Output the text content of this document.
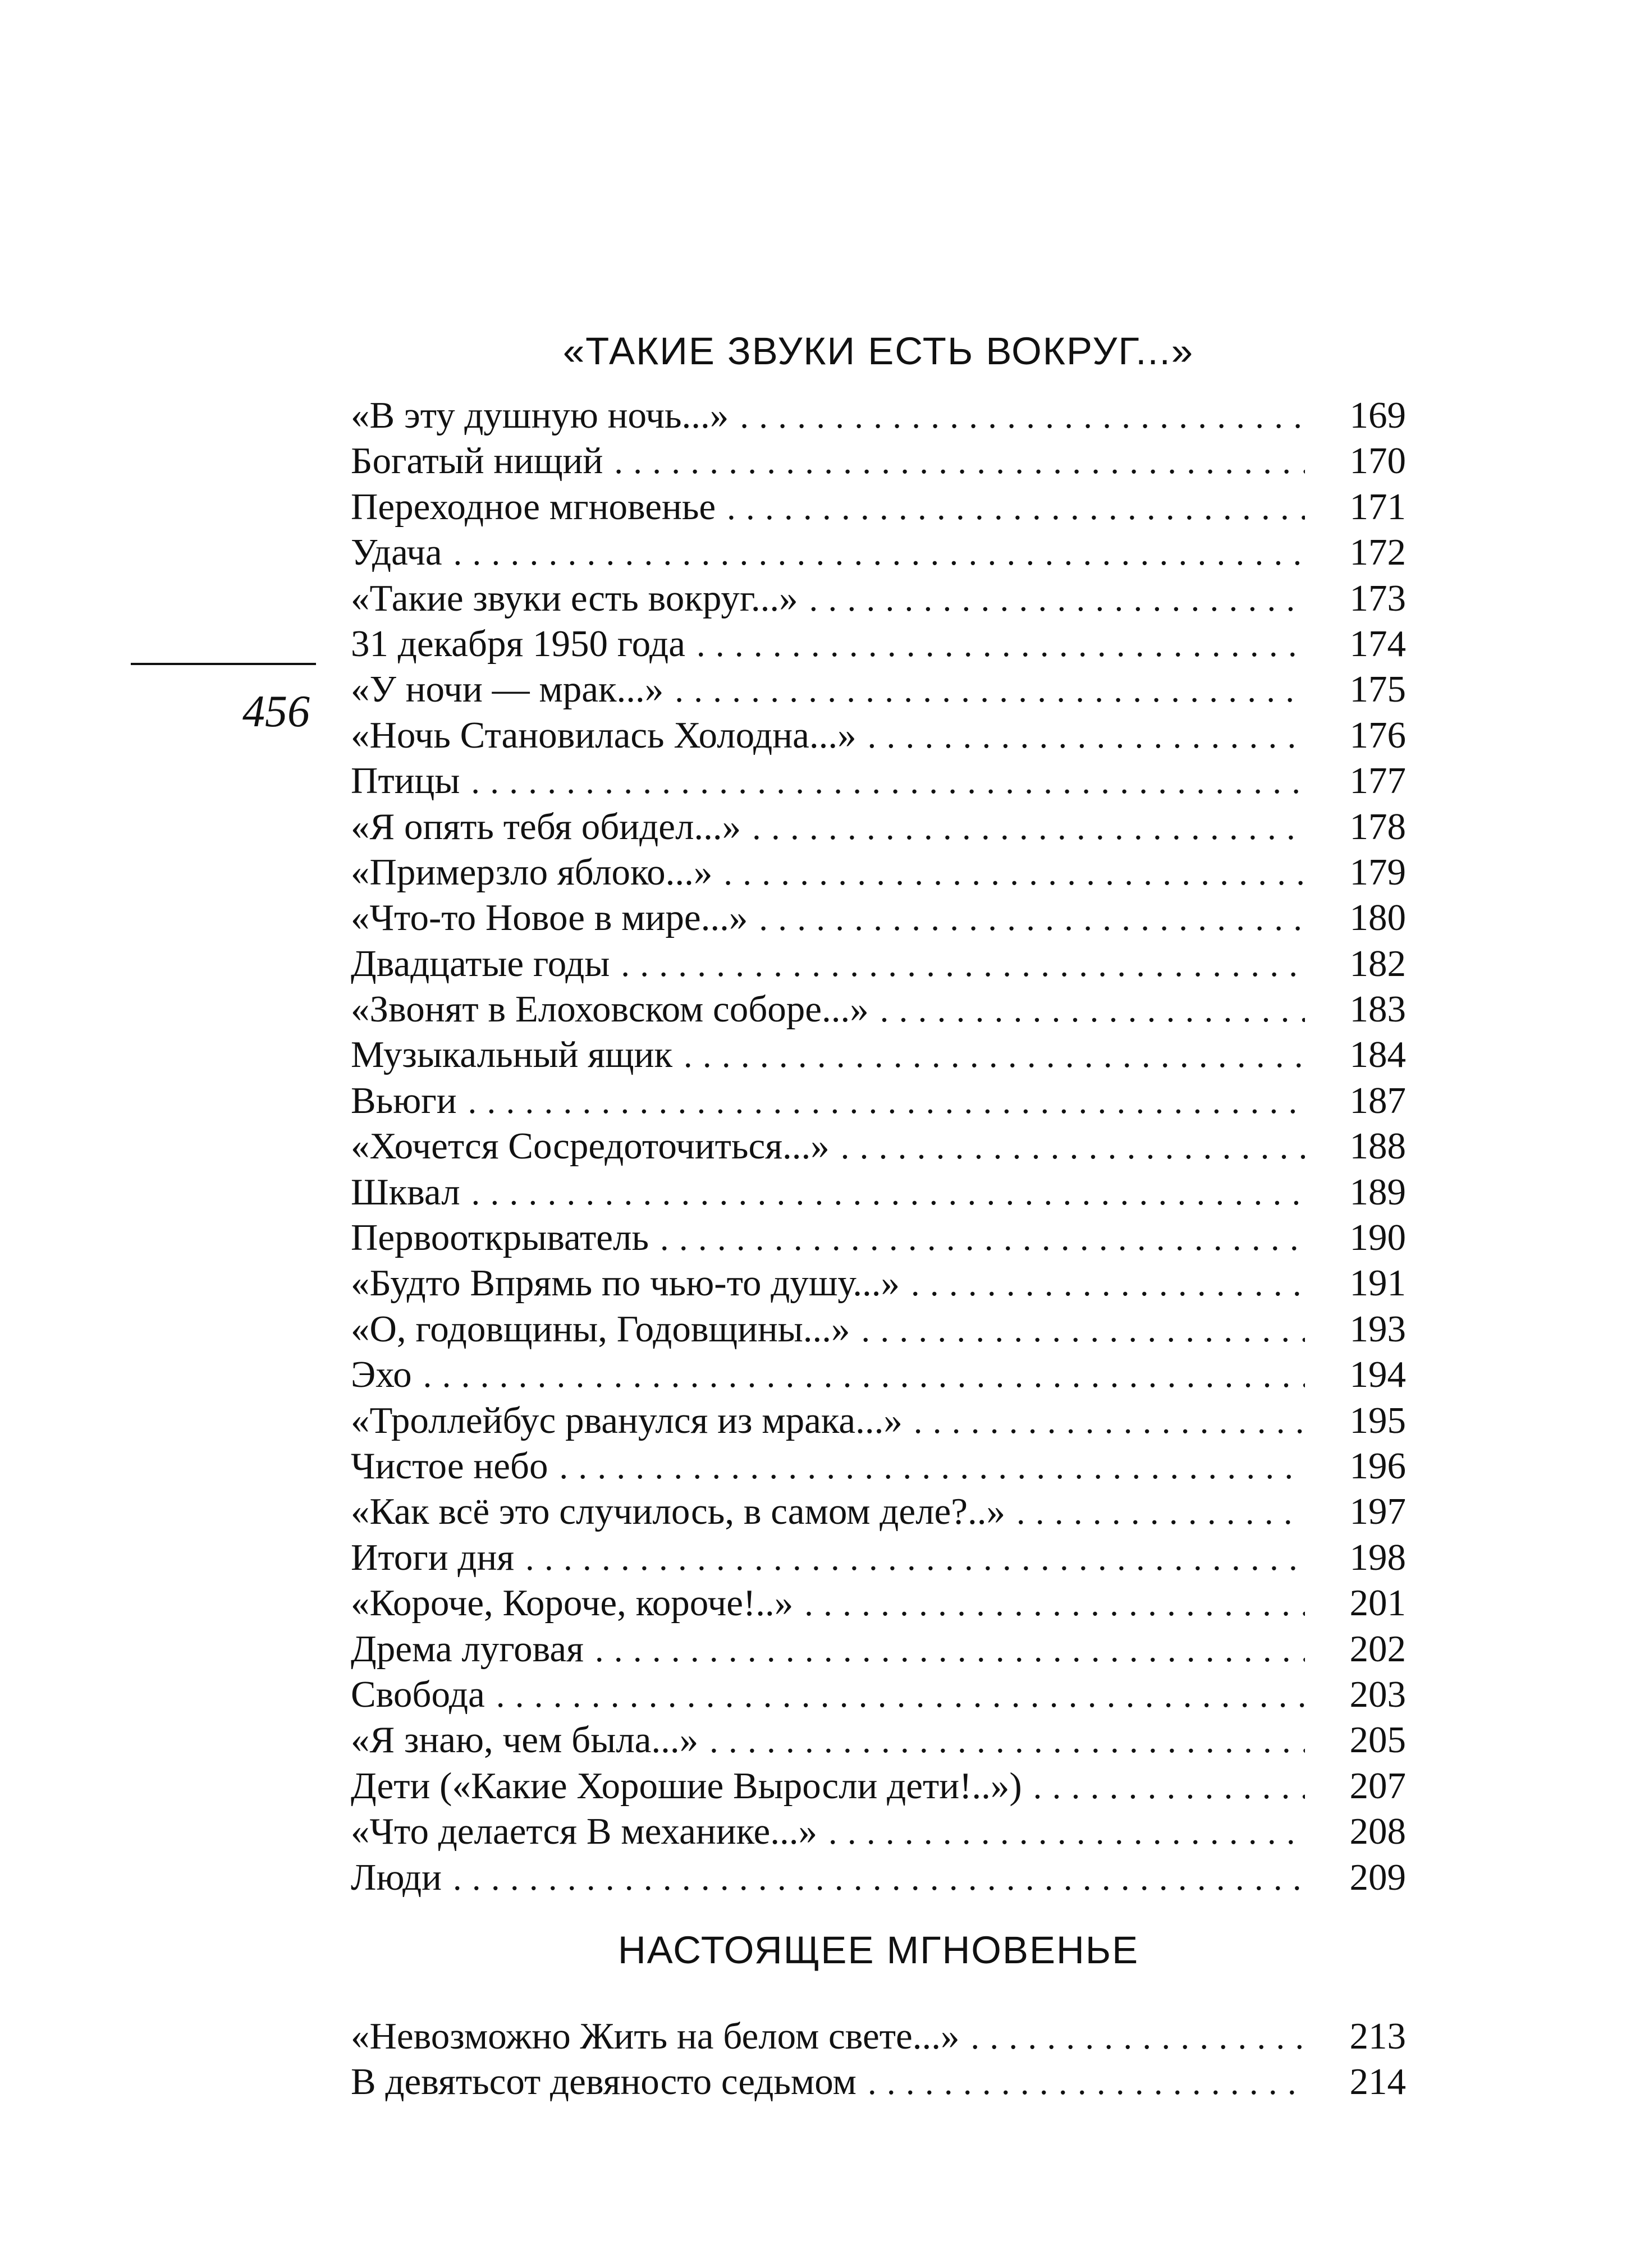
456
«ТАКИЕ ЗВУКИ ЕСТЬ ВОКРУГ...»
«В эту душную ночь...» . . .	169
Богатый нищий . . .	170
Переходное мгновенье . . .	171
Удача . . .	172
«Такие звуки есть вокруг...» . . .	173
31 декабря 1950 года . . .	174
«У ночи — мрак...» . . .	175
«Ночь Становилась Холодна...» . . .	176
Птицы . . .	177
«Я опять тебя обидел...» . . .	178
«Примерзло яблоко...» . . .	179
«Что-то Новое в мире...» . . .	180
Двадцатые годы . . .	182
«Звонят в Елоховском соборе...» . . .	183
Музыкальный ящик . . .	184
Вьюги . . .	187
«Хочется Сосредоточиться...» . . .	188
Шквал . . .	189
Первооткрыватель . . .	190
«Будто Впрямь по чью-то душу...» . . .	191
«О, годовщины, Годовщины...» . . .	193
Эхо . . .	194
«Троллейбус рванулся из мрака...» . . .	195
Чистое небо . . .	196
«Как всё это случилось, в самом деле?..» . . .	197
Итоги дня . . .	198
«Короче, Короче, короче!..» . . .	201
Дрема луговая . . .	202
Свобода . . .	203
«Я знаю, чем была...» . . .	205
Дети («Какие Хорошие Выросли дети!..») . . .	207
«Что делается В механике...» . . .	208
Люди . . .	209
НАСТОЯЩЕЕ МГНОВЕНЬЕ
«Невозможно Жить на белом свете...» . . .	213
В девятьсот девяносто седьмом . . .	214
